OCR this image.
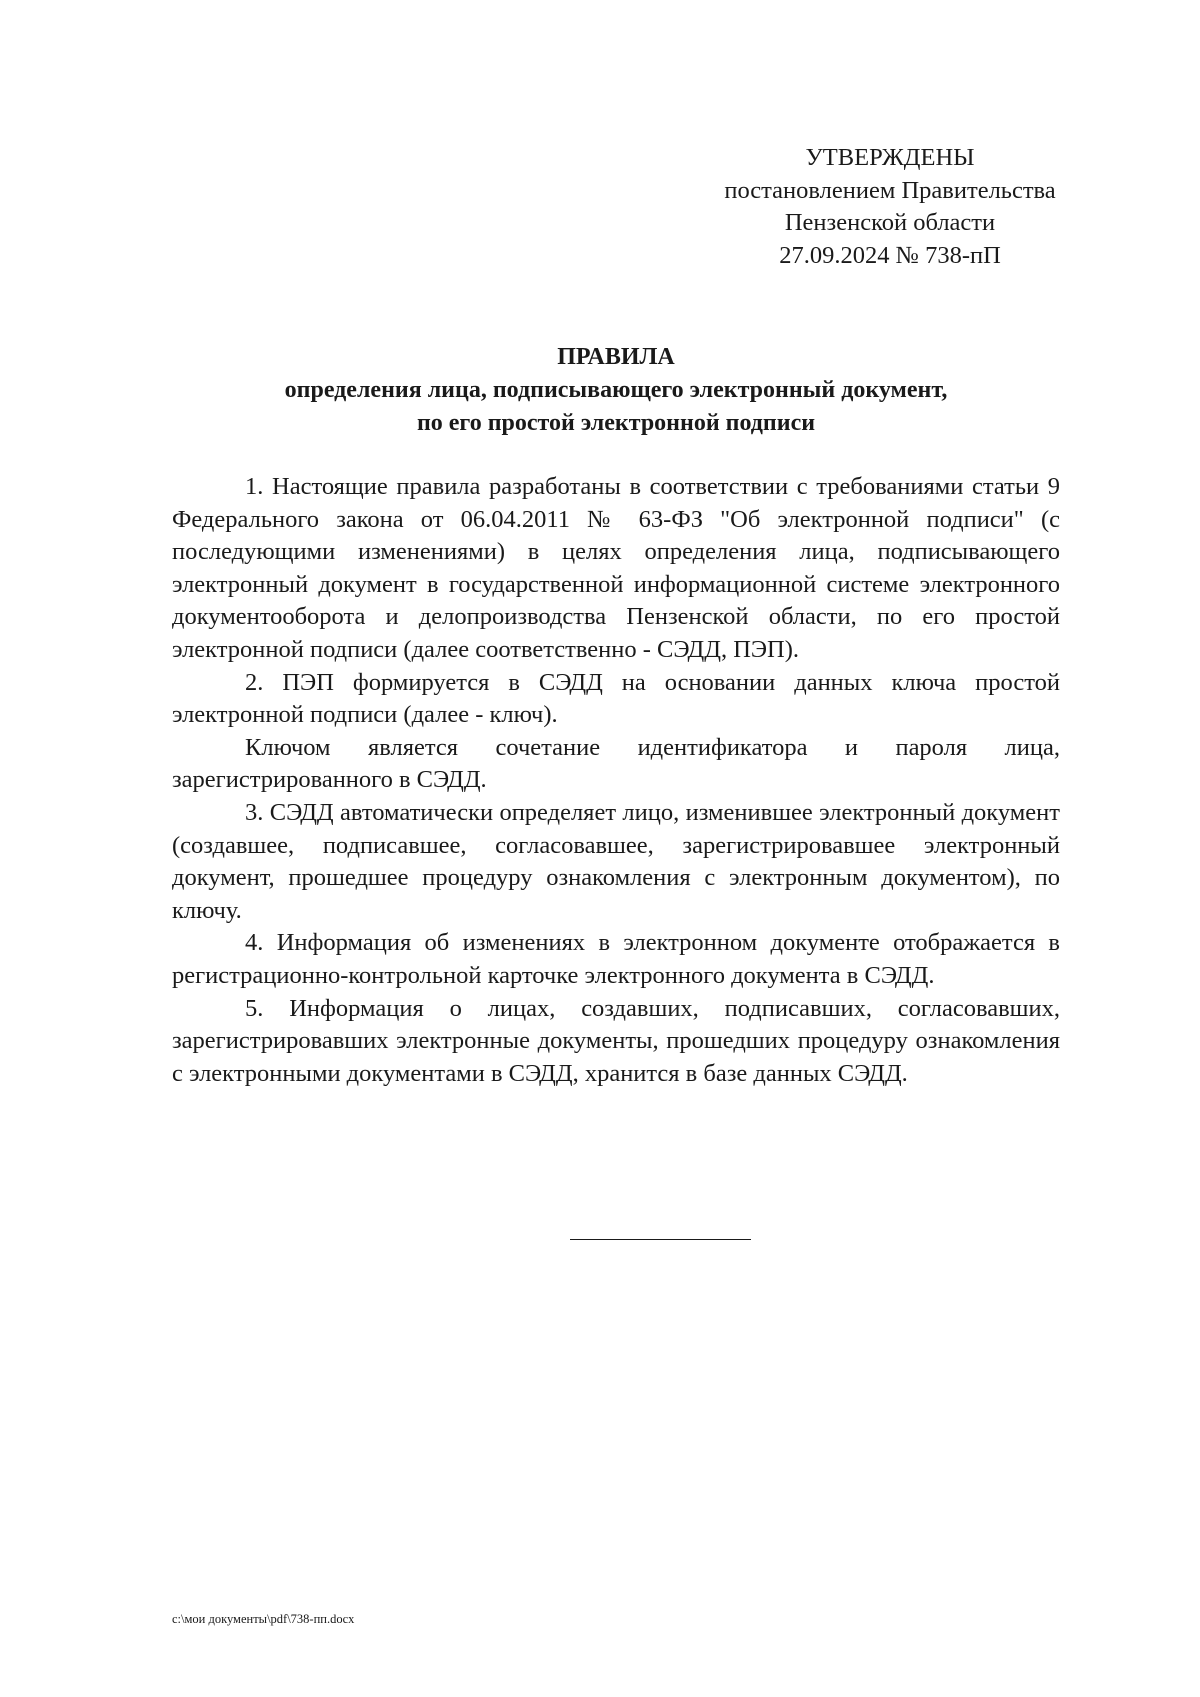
УТВЕРЖДЕНЫ
постановлением Правительства
Пензенской области
27.09.2024 № 738-пП
ПРАВИЛА
определения лица, подписывающего электронный документ,
по его простой электронной подписи

1. Настоящие правила разработаны в соответствии с требованиями статьи 9 Федерального закона от 06.04.2011 № 63-ФЗ "Об электронной подписи" (с последующими изменениями) в целях определения лица, подписывающего электронный документ в государственной информационной системе электронного документооборота и делопроизводства Пензенской области, по его простой электронной подписи (далее соответственно - СЭДД, ПЭП).

2. ПЭП формируется в СЭДД на основании данных ключа простой электронной подписи (далее - ключ).

Ключом является сочетание идентификатора и пароля лица, зарегистрированного в СЭДД.

3. СЭДД автоматически определяет лицо, изменившее электронный документ (создавшее, подписавшее, согласовавшее, зарегистрировавшее электронный документ, прошедшее процедуру ознакомления с электронным документом), по ключу.

4. Информация об изменениях в электронном документе отображается в регистрационно-контрольной карточке электронного документа в СЭДД.

5. Информация о лицах, создавших, подписавших, согласовавших, зарегистрировавших электронные документы, прошедших процедуру ознакомления с электронными документами в СЭДД, хранится в базе данных СЭДД.

c:\мои документы\pdf\738-пп.docx
